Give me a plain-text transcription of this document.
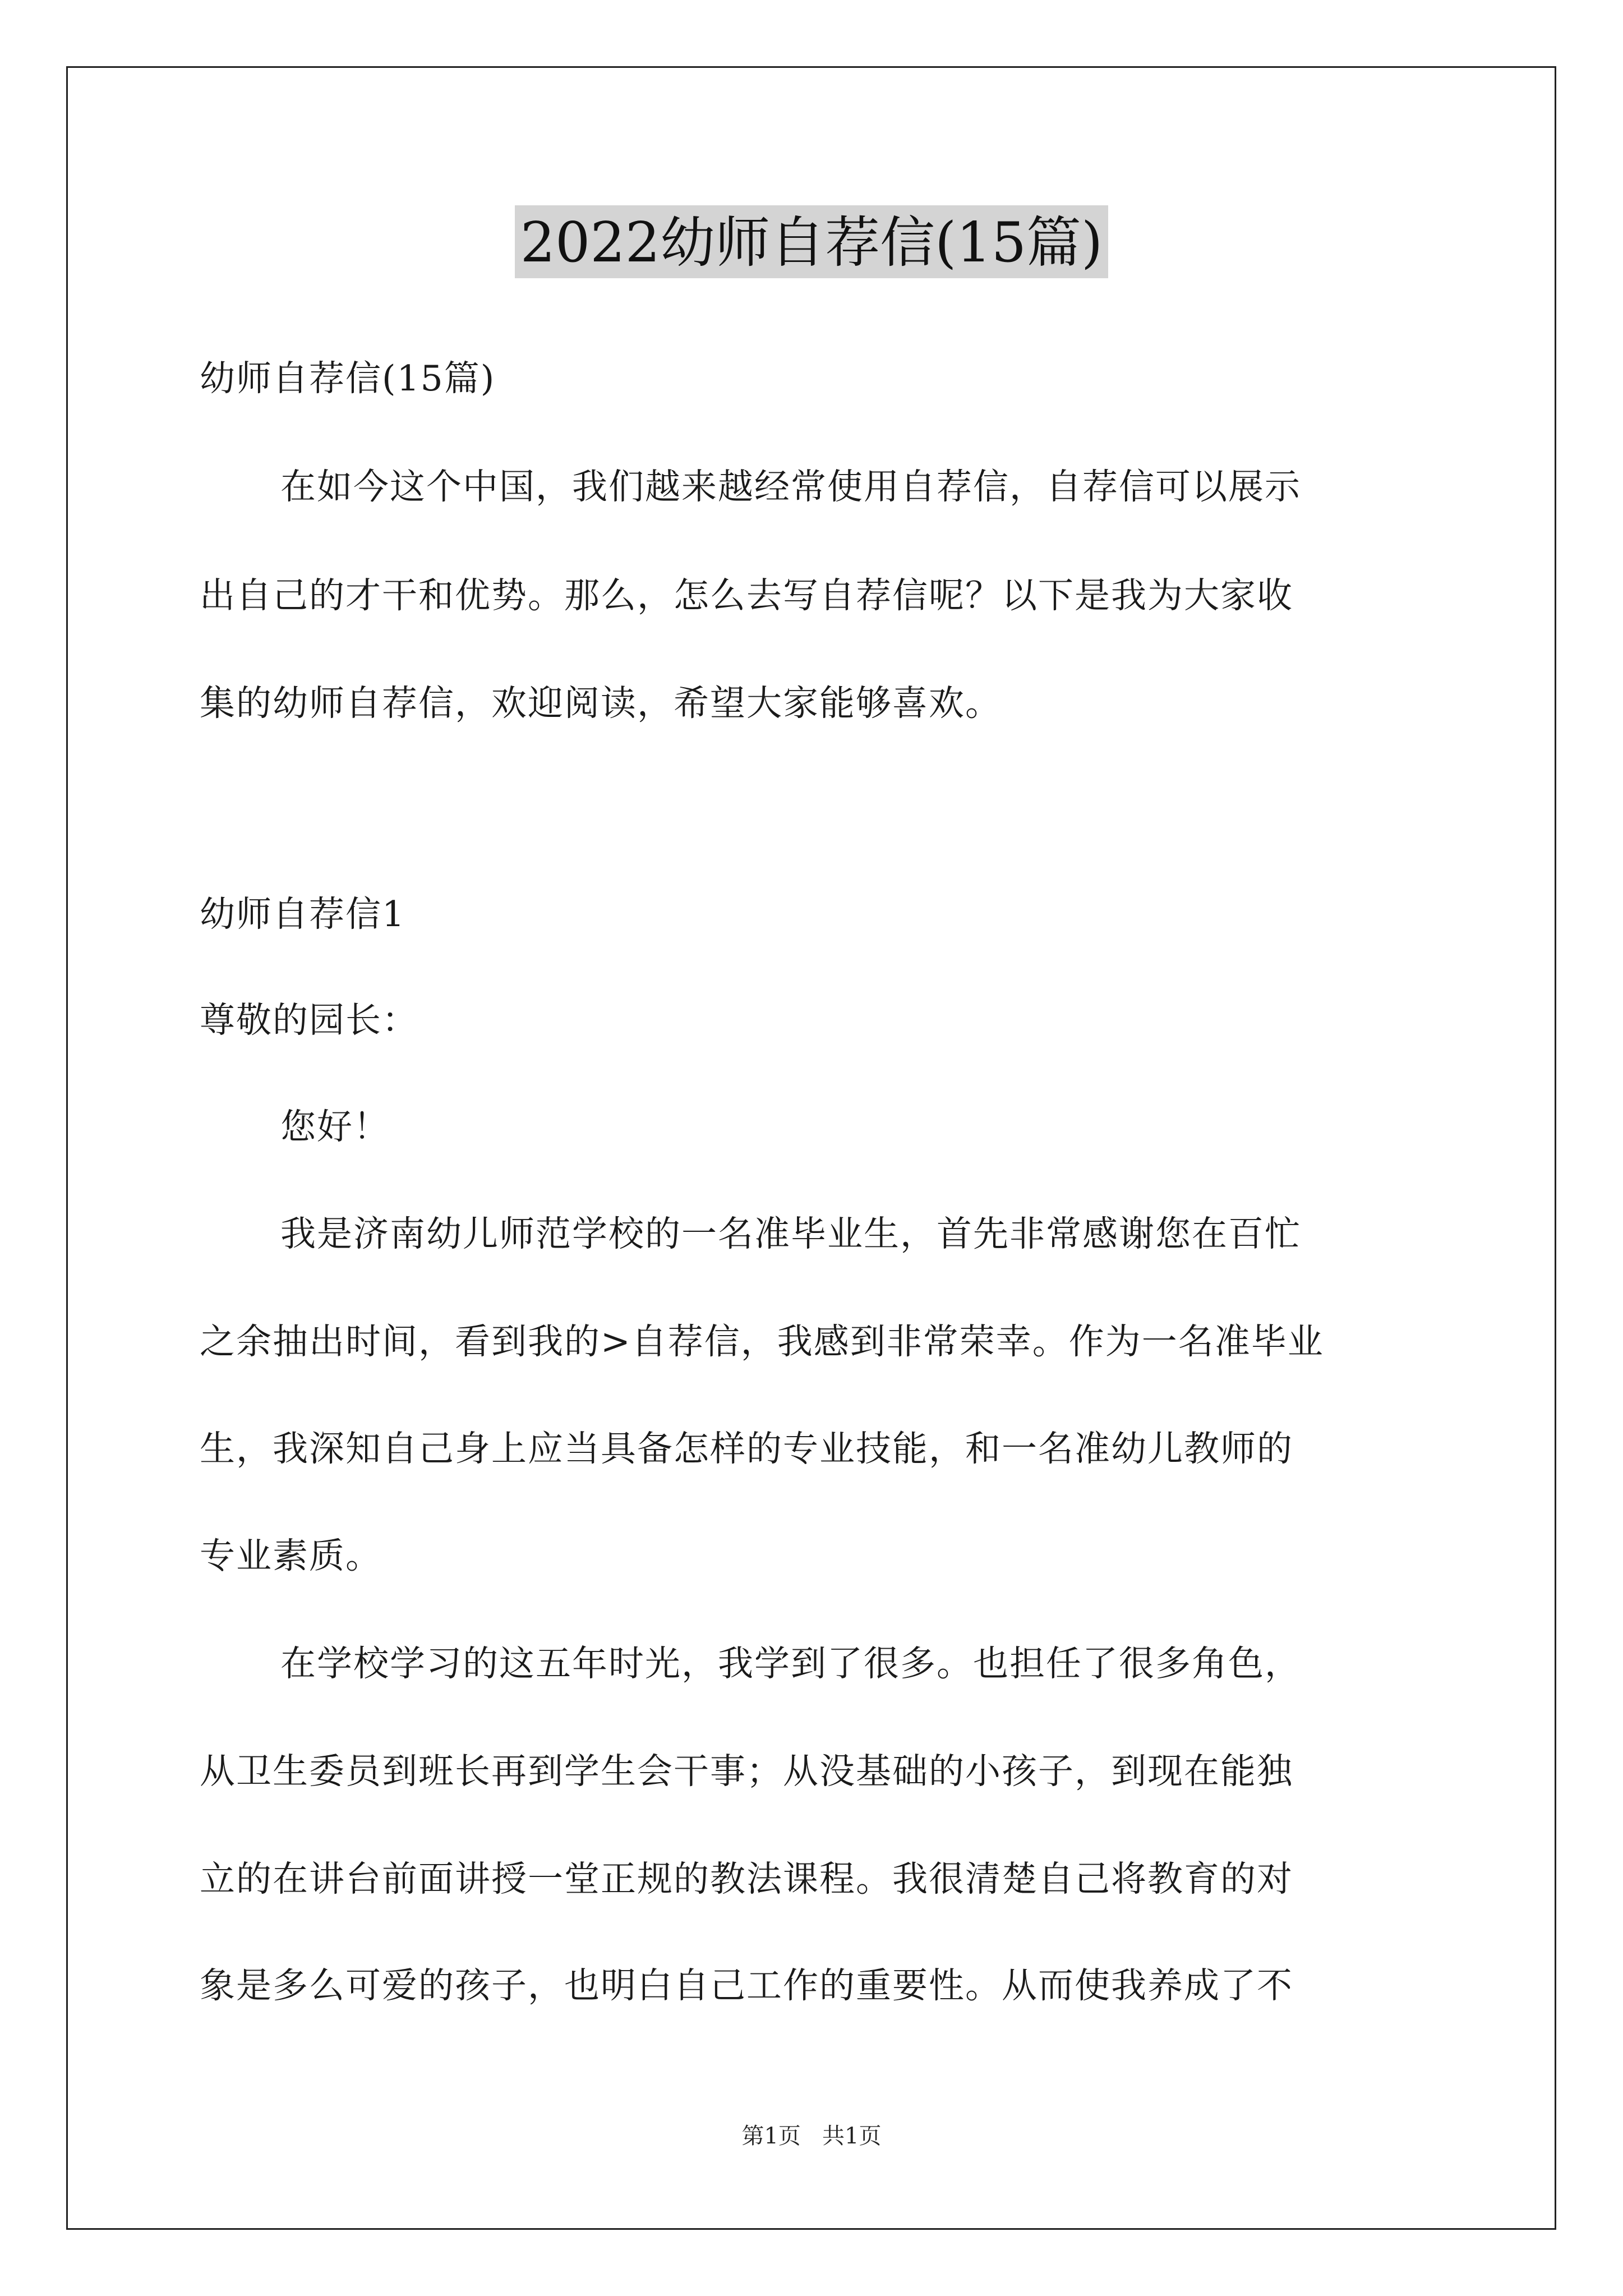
2022幼师自荐信(15篇)
幼师自荐信(15篇)
在如今这个中国，我们越来越经常使用自荐信，自荐信可以展示
出自己的才干和优势。那么，怎么去写自荐信呢？以下是我为大家收
集的幼师自荐信，欢迎阅读，希望大家能够喜欢。
幼师自荐信1
尊敬的园长：
您好！
我是济南幼儿师范学校的一名准毕业生，首先非常感谢您在百忙
之余抽出时间，看到我的>自荐信，我感到非常荣幸。作为一名准毕业
生，我深知自己身上应当具备怎样的专业技能，和一名准幼儿教师的
专业素质。
在学校学习的这五年时光，我学到了很多。也担任了很多角色，
从卫生委员到班长再到学生会干事；从没基础的小孩子，到现在能独
立的在讲台前面讲授一堂正规的教法课程。我很清楚自己将教育的对
象是多么可爱的孩子，也明白自己工作的重要性。从而使我养成了不
第1页   共1页
